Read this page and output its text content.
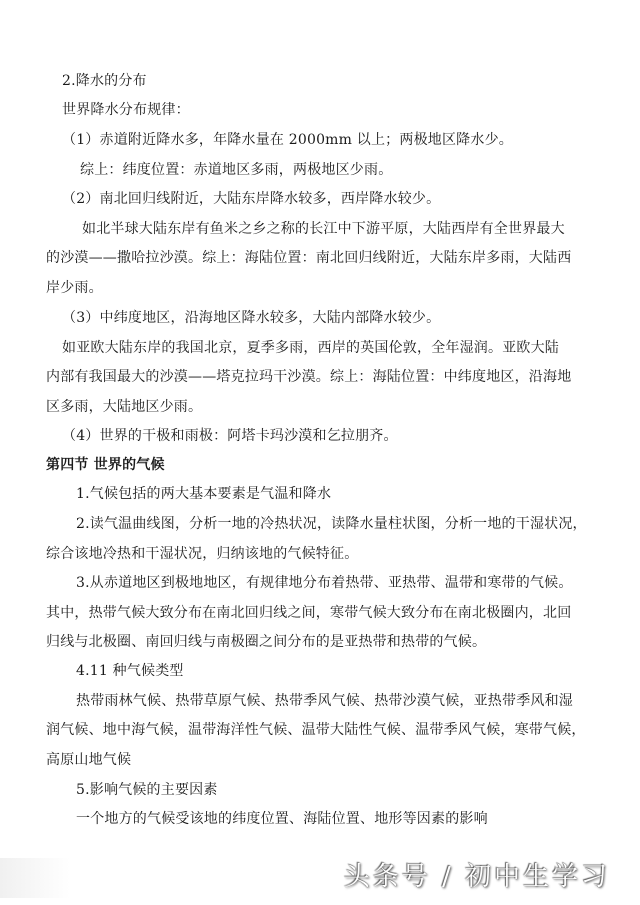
2.降水的分布
世界降水分布规律：
（1）赤道附近降水多，年降水量在 2000mm 以上；两极地区降水少。
综上：纬度位置：赤道地区多雨，两极地区少雨。
（2）南北回归线附近，大陆东岸降水较多，西岸降水较少。
如北半球大陆东岸有鱼米之乡之称的长江中下游平原，大陆西岸有全世界最大
的沙漠——撒哈拉沙漠。综上：海陆位置：南北回归线附近，大陆东岸多雨，大陆西
岸少雨。
（3）中纬度地区，沿海地区降水较多，大陆内部降水较少。
如亚欧大陆东岸的我国北京，夏季多雨，西岸的英国伦敦，全年湿润。亚欧大陆
内部有我国最大的沙漠——塔克拉玛干沙漠。综上：海陆位置：中纬度地区，沿海地
区多雨，大陆地区少雨。
（4）世界的干极和雨极：阿塔卡玛沙漠和乞拉朋齐。
第四节 世界的气候
1.气候包括的两大基本要素是气温和降水
2.读气温曲线图，分析一地的冷热状况，读降水量柱状图，分析一地的干湿状况，
综合该地冷热和干湿状况，归纳该地的气候特征。
3.从赤道地区到极地地区，有规律地分布着热带、亚热带、温带和寒带的气候。
其中，热带气候大致分布在南北回归线之间，寒带气候大致分布在南北极圈内，北回
归线与北极圈、南回归线与南极圈之间分布的是亚热带和热带的气候。
4.11 种气候类型
热带雨林气候、热带草原气候、热带季风气候、热带沙漠气候，亚热带季风和湿
润气候、地中海气候，温带海洋性气候、温带大陆性气候、温带季风气候，寒带气候，
高原山地气候
5.影响气候的主要因素
一个地方的气候受该地的纬度位置、海陆位置、地形等因素的影响
头条号 / 初中生学习
